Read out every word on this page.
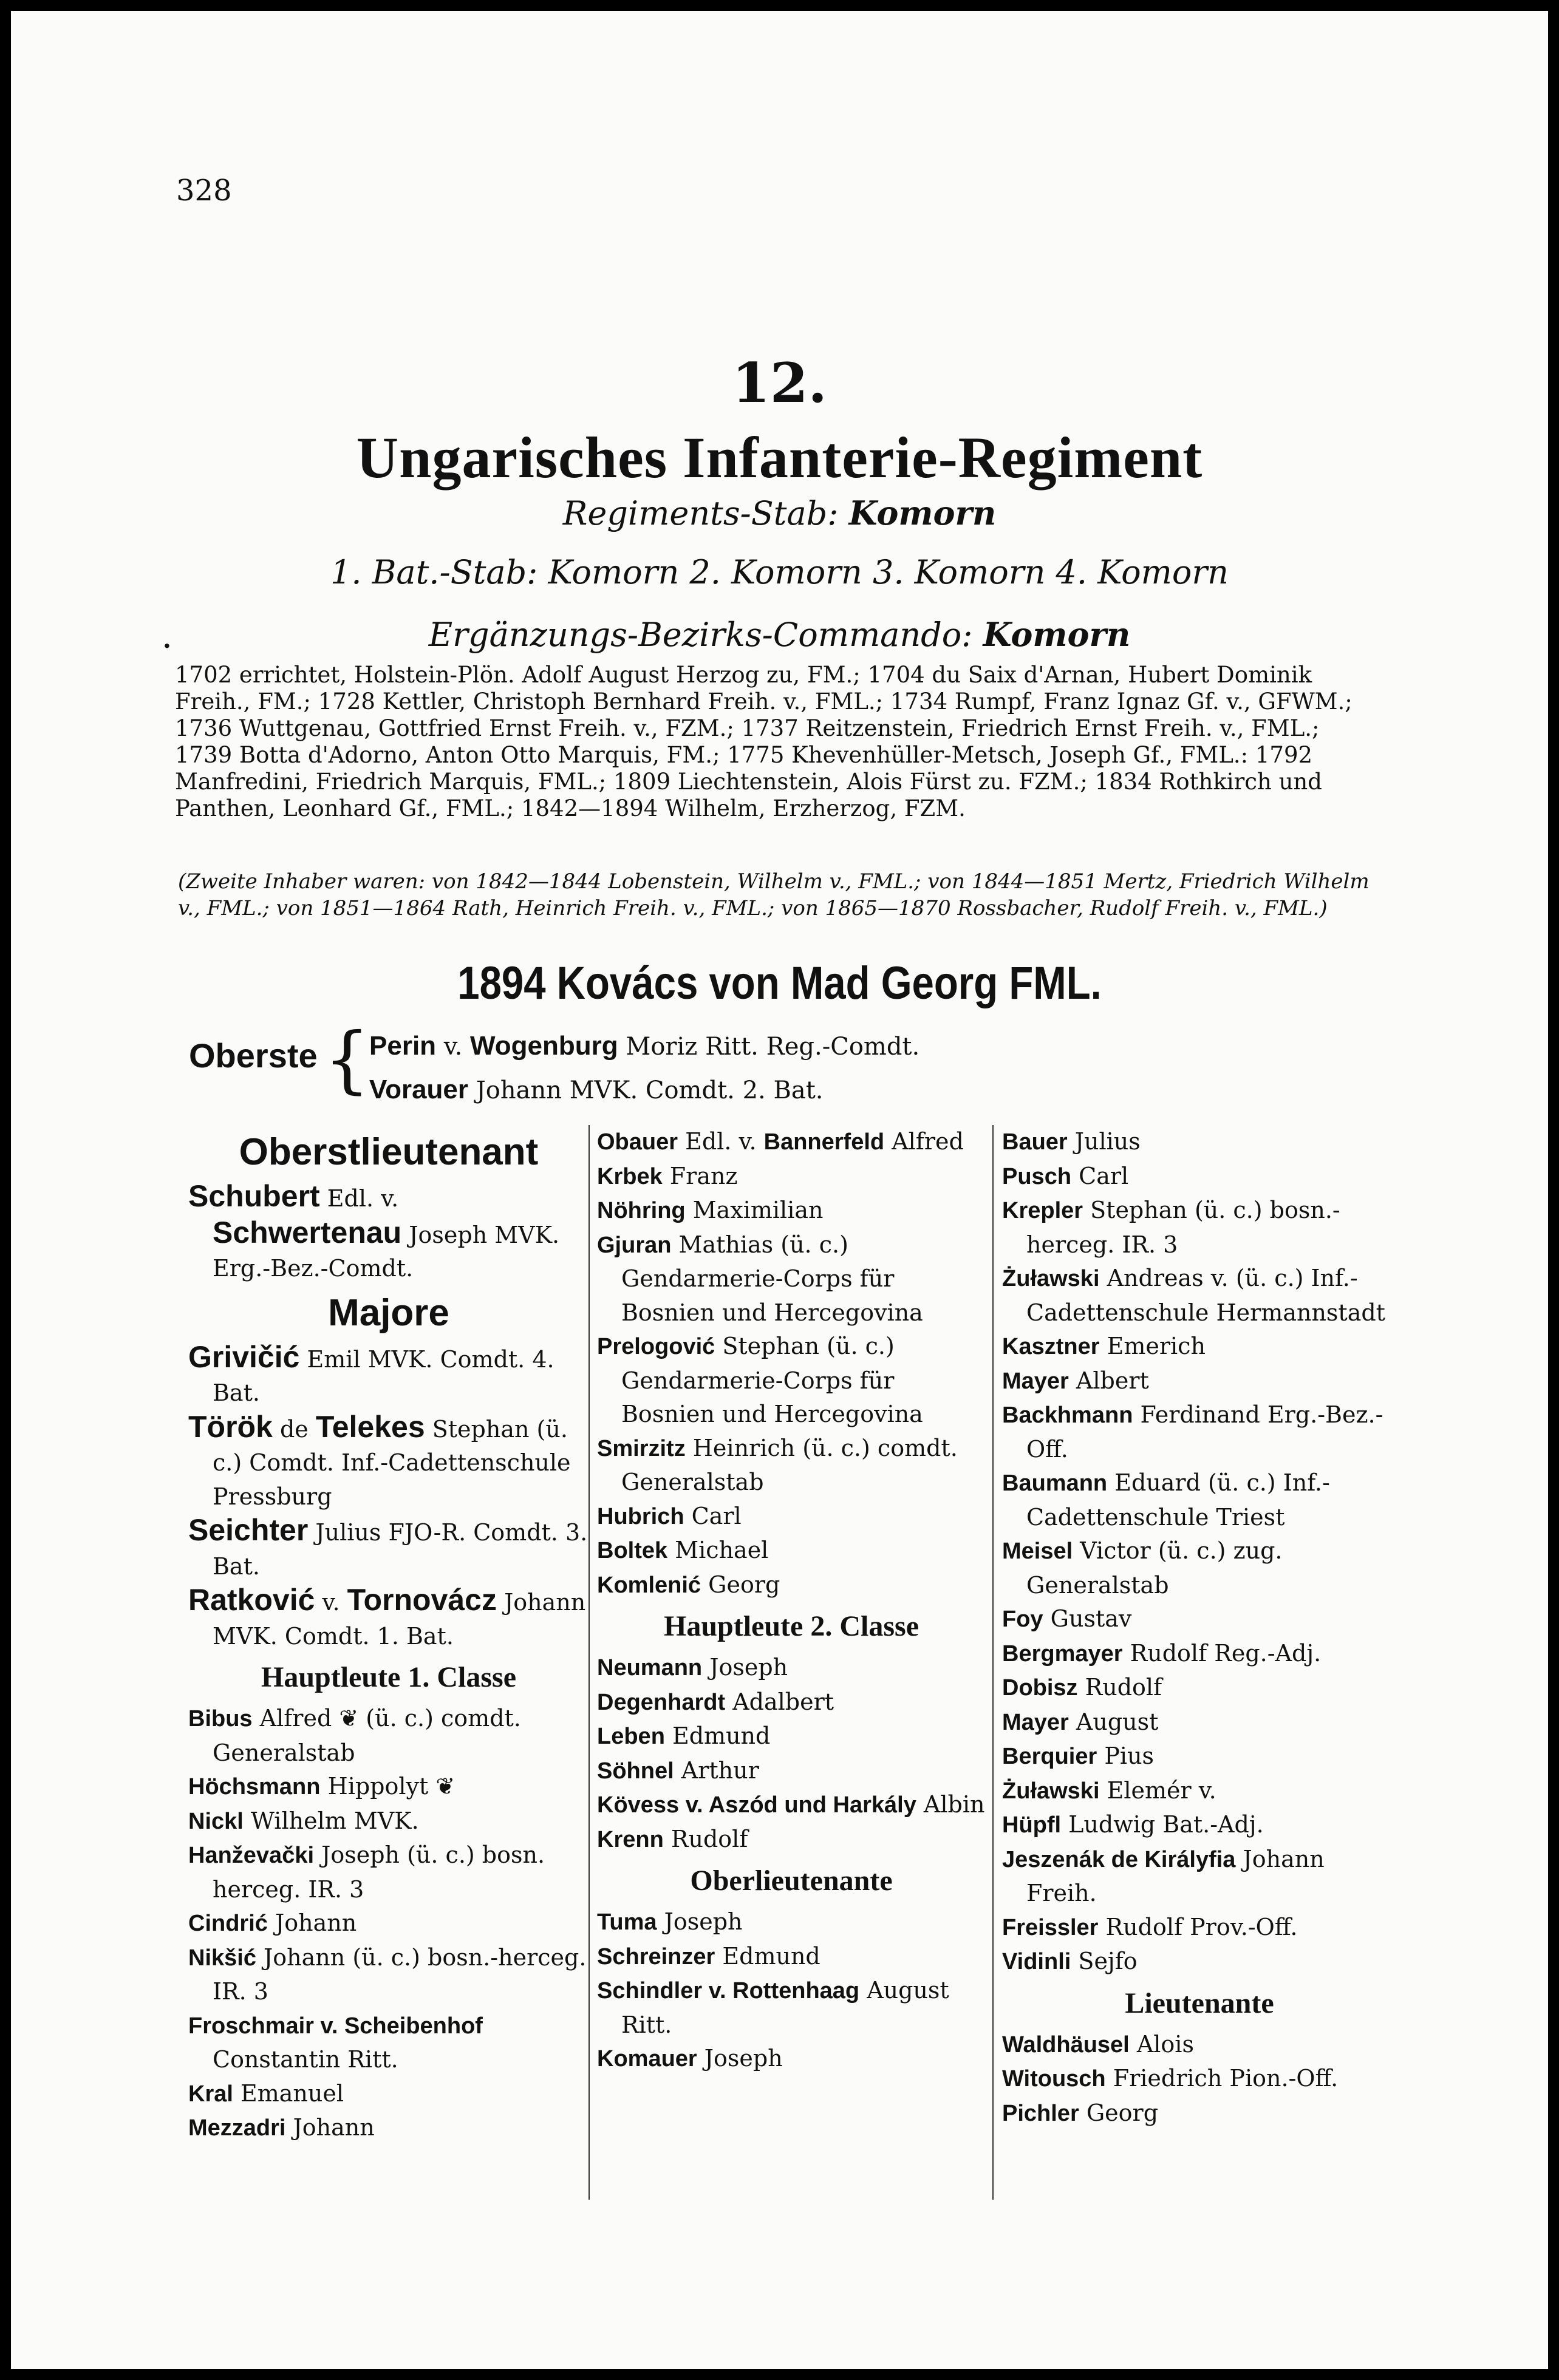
328
12.
Ungarisches Infanterie-Regiment
Regiments-Stab: Komorn
1. Bat.-Stab: Komorn 2. Komorn 3. Komorn 4. Komorn
Ergänzungs-Bezirks-Commando: Komorn
.
1702 errichtet, Holstein-Plön. Adolf August Herzog zu, FM.; 1704 du Saix d'Arnan, Hubert Dominik Freih., FM.; 1728 Kettler, Christoph Bernhard Freih. v., FML.; 1734 Rumpf, Franz Ignaz Gf. v., GFWM.; 1736 Wuttgenau, Gottfried Ernst Freih. v., FZM.; 1737 Reitzenstein, Friedrich Ernst Freih. v., FML.; 1739 Botta d'Adorno, Anton Otto Marquis, FM.; 1775 Khevenhüller-Metsch, Joseph Gf., FML.: 1792 Manfredini, Friedrich Marquis, FML.; 1809 Liechtenstein, Alois Fürst zu. FZM.; 1834 Rothkirch und Panthen, Leonhard Gf., FML.; 1842—1894 Wilhelm, Erzherzog, FZM.
(Zweite Inhaber waren: von 1842—1844 Lobenstein, Wilhelm v., FML.; von 1844—1851 Mertz, Friedrich Wilhelm v., FML.; von 1851—1864 Rath, Heinrich Freih. v., FML.; von 1865—1870 Rossbacher, Rudolf Freih. v., FML.)
1894 Kovács von Mad Georg FML.
Oberste {
Perin v. Wogenburg Moriz Ritt. Reg.-Comdt.
Vorauer Johann MVK. Comdt. 2. Bat.
Oberstlieutenant
Schubert Edl. v. Schwertenau Joseph MVK. Erg.-Bez.-Comdt.
Majore
Grivičić Emil MVK. Comdt. 4. Bat.
Török de Telekes Stephan (ü. c.) Comdt. Inf.-Cadettenschule Pressburg
Seichter Julius FJO-R. Comdt. 3. Bat.
Ratković v. Tornovácz Johann MVK. Comdt. 1. Bat.
Hauptleute 1. Classe
Bibus Alfred ❦ (ü. c.) comdt. Generalstab
Höchsmann Hippolyt ❦
Nickl Wilhelm MVK.
Hanževački Joseph (ü. c.) bosn. herceg. IR. 3
Cindrić Johann
Nikšić Johann (ü. c.) bosn.-herceg. IR. 3
Froschmair v. Scheibenhof Constantin Ritt.
Kral Emanuel
Mezzadri Johann
Obauer Edl. v. Bannerfeld Alfred
Krbek Franz
Nöhring Maximilian
Gjuran Mathias (ü. c.) Gendarmerie-Corps für Bosnien und Hercegovina
Prelogović Stephan (ü. c.) Gendarmerie-Corps für Bosnien und Hercegovina
Smirzitz Heinrich (ü. c.) comdt. Generalstab
Hubrich Carl
Boltek Michael
Komlenić Georg
Hauptleute 2. Classe
Neumann Joseph
Degenhardt Adalbert
Leben Edmund
Söhnel Arthur
Kövess v. Aszód und Harkály Albin
Krenn Rudolf
Oberlieutenante
Tuma Joseph
Schreinzer Edmund
Schindler v. Rottenhaag August Ritt.
Komauer Joseph
Bauer Julius
Pusch Carl
Krepler Stephan (ü. c.) bosn.-herceg. IR. 3
Żuławski Andreas v. (ü. c.) Inf.-Cadettenschule Hermannstadt
Kasztner Emerich
Mayer Albert
Backhmann Ferdinand Erg.-Bez.-Off.
Baumann Eduard (ü. c.) Inf.-Cadettenschule Triest
Meisel Victor (ü. c.) zug. Generalstab
Foy Gustav
Bergmayer Rudolf Reg.-Adj.
Dobisz Rudolf
Mayer August
Berquier Pius
Żuławski Elemér v.
Hüpfl Ludwig Bat.-Adj.
Jeszenák de Királyfia Johann Freih.
Freissler Rudolf Prov.-Off.
Vidinli Sejfo
Lieutenante
Waldhäusel Alois
Witousch Friedrich Pion.-Off.
Pichler Georg
